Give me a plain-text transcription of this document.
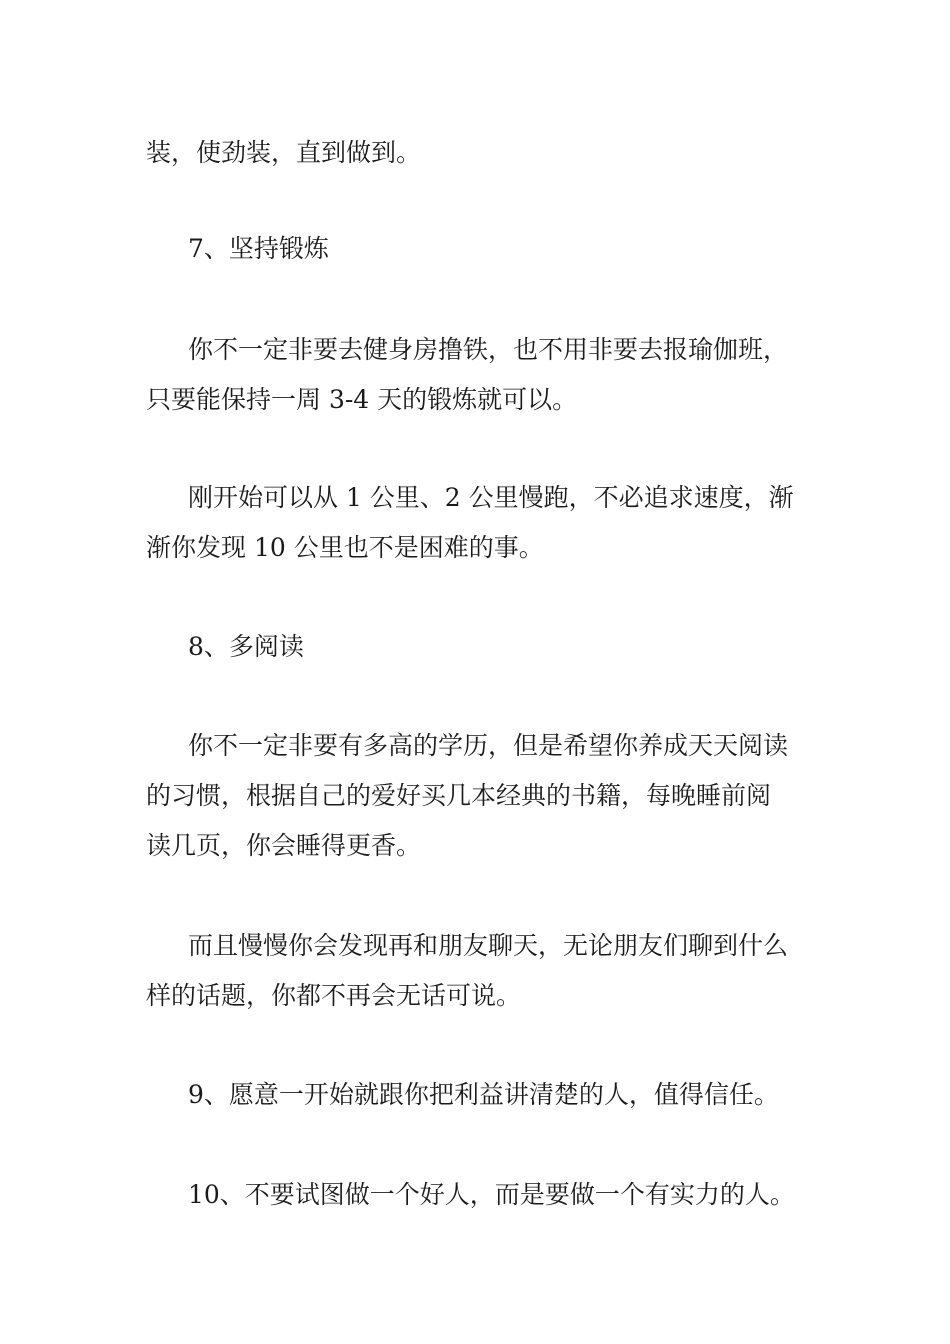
装，使劲装，直到做到。

7、坚持锻炼

你不一定非要去健身房撸铁，也不用非要去报瑜伽班，
只要能保持一周 3-4 天的锻炼就可以。

刚开始可以从 1 公里、2 公里慢跑，不必追求速度，渐
渐你发现 10 公里也不是困难的事。

8、多阅读

你不一定非要有多高的学历，但是希望你养成天天阅读
的习惯，根据自己的爱好买几本经典的书籍，每晚睡前阅
读几页，你会睡得更香。

而且慢慢你会发现再和朋友聊天，无论朋友们聊到什么
样的话题，你都不再会无话可说。

9、愿意一开始就跟你把利益讲清楚的人，值得信任。

10、不要试图做一个好人，而是要做一个有实力的人。
